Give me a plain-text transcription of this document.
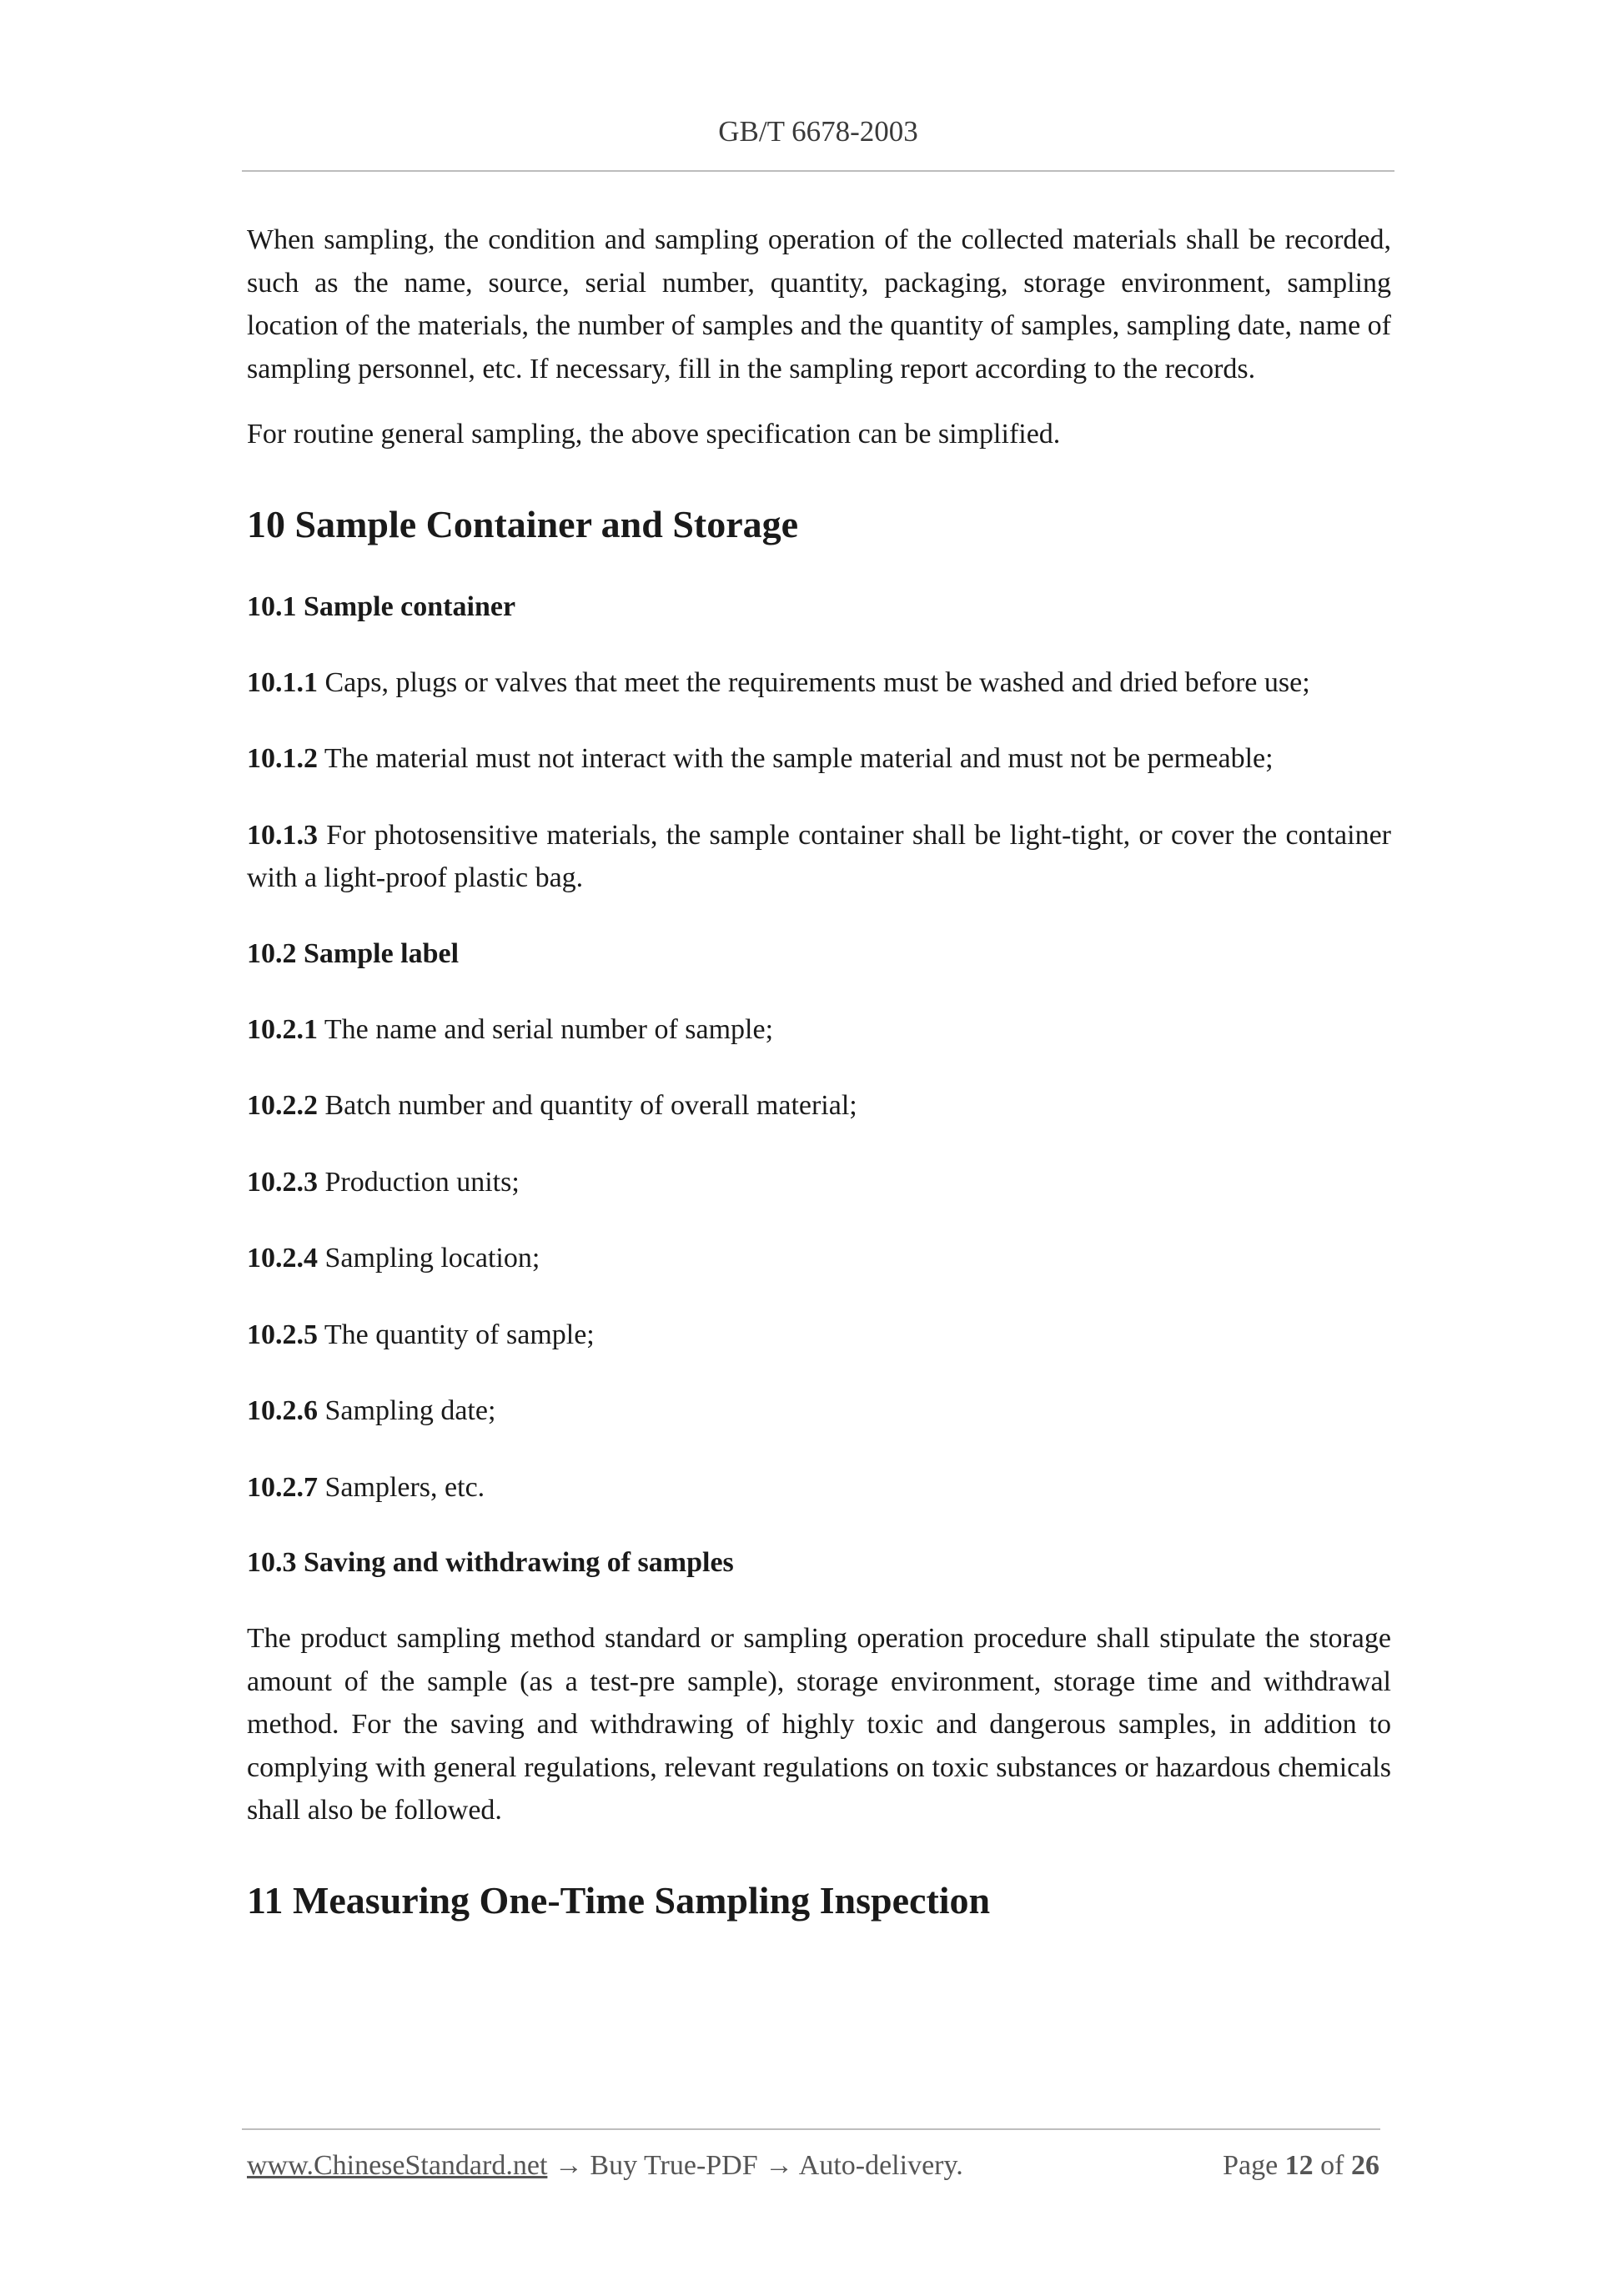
GB/T 6678-2003

When sampling, the condition and sampling operation of the collected materials shall be recorded, such as the name, source, serial number, quantity, packaging, storage environment, sampling location of the materials, the number of samples and the quantity of samples, sampling date, name of sampling personnel, etc. If necessary, fill in the sampling report according to the records.

For routine general sampling, the above specification can be simplified.

10 Sample Container and Storage
10.1 Sample container

10.1.1 Caps, plugs or valves that meet the requirements must be washed and dried before use;

10.1.2 The material must not interact with the sample material and must not be permeable;

10.1.3 For photosensitive materials, the sample container shall be light-tight, or cover the container with a light-proof plastic bag.

10.2 Sample label

10.2.1 The name and serial number of sample;

10.2.2 Batch number and quantity of overall material;

10.2.3 Production units;

10.2.4 Sampling location;

10.2.5 The quantity of sample;

10.2.6 Sampling date;

10.2.7 Samplers, etc.

10.3 Saving and withdrawing of samples

The product sampling method standard or sampling operation procedure shall stipulate the storage amount of the sample (as a test-pre sample), storage environment, storage time and withdrawal method. For the saving and withdrawing of highly toxic and dangerous samples, in addition to complying with general regulations, relevant regulations on toxic substances or hazardous chemicals shall also be followed.

11 Measuring One-Time Sampling Inspection
www.ChineseStandard.net → Buy True-PDF → Auto-delivery.	Page 12 of 26
